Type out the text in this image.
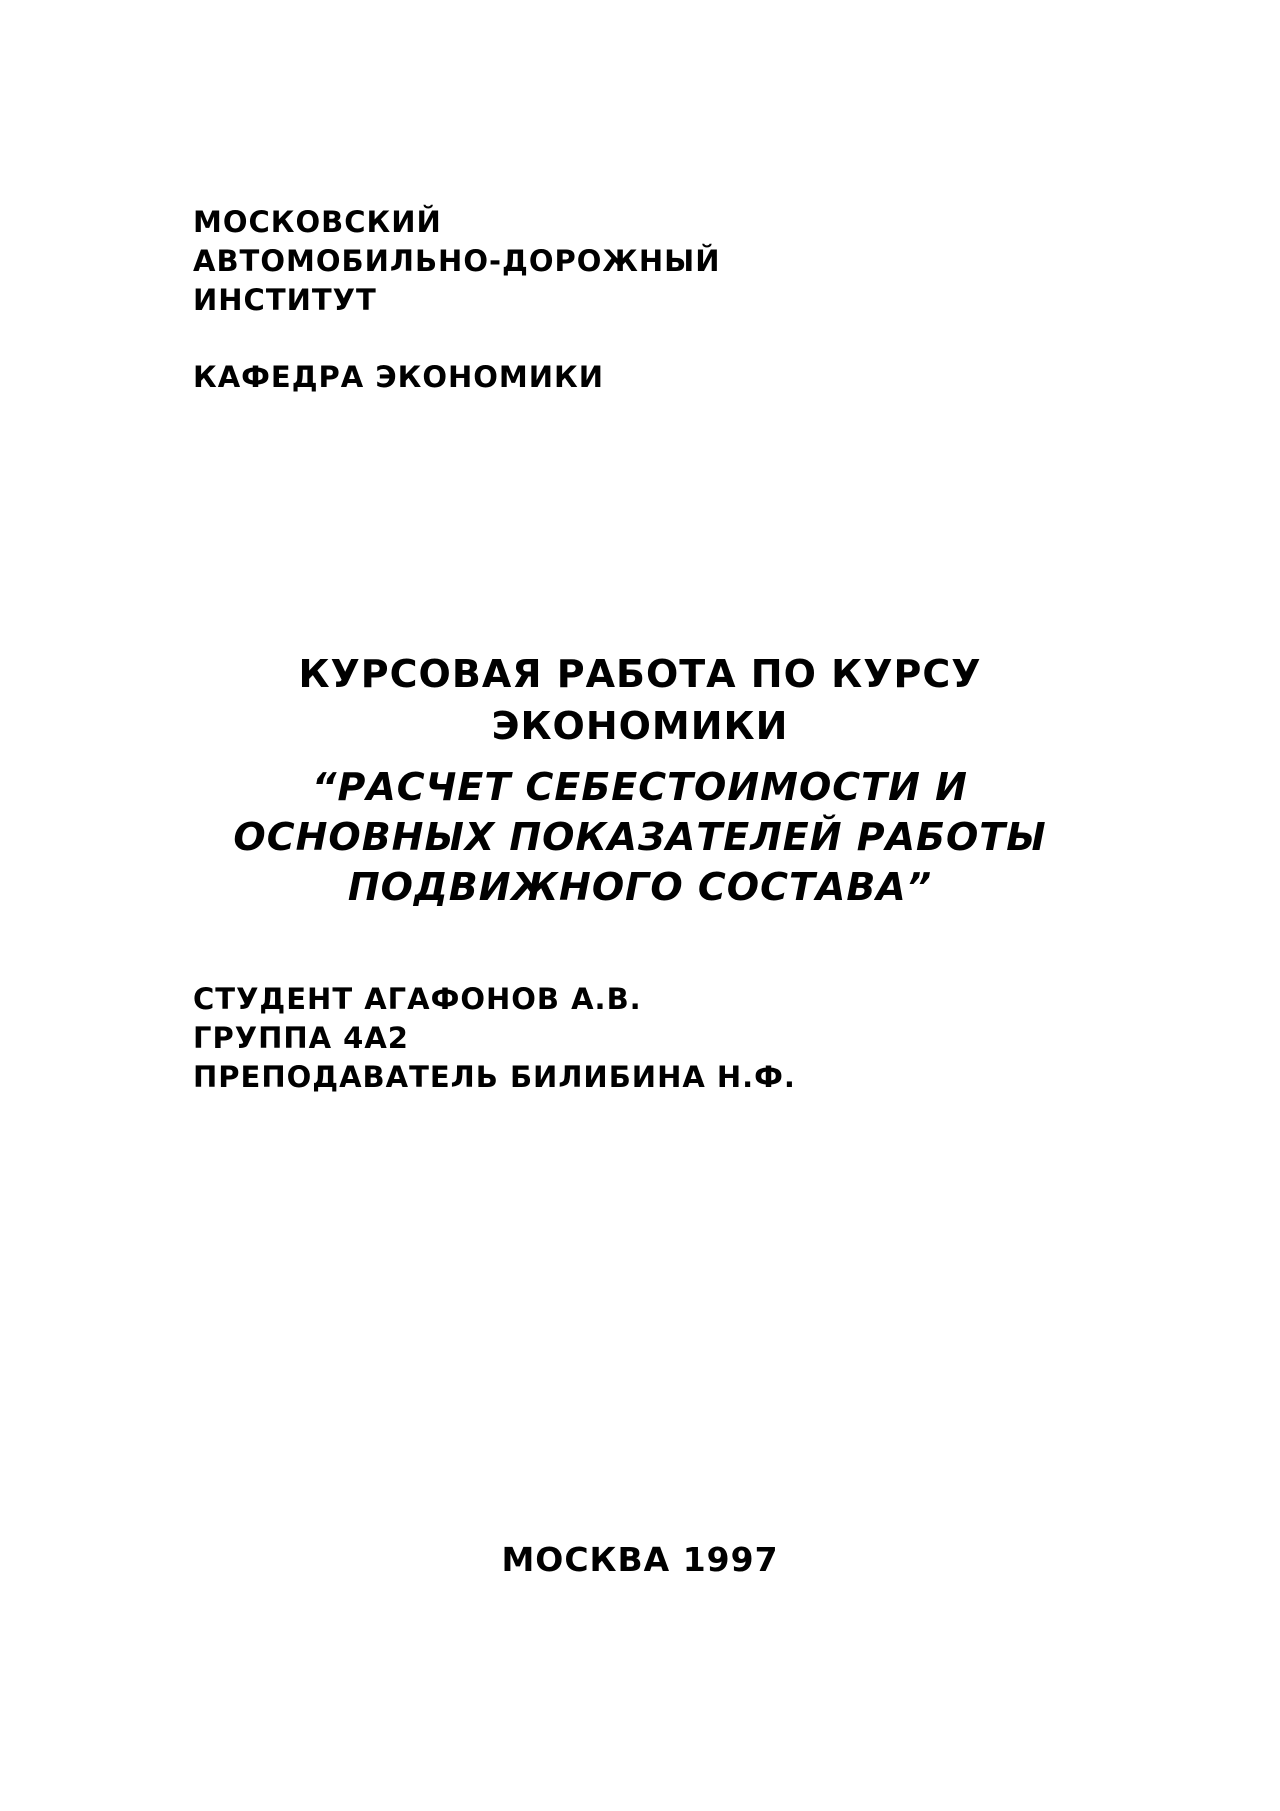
МОСКОВСКИЙ
АВТОМОБИЛЬНО-ДОРОЖНЫЙ
ИНСТИТУТ
КАФЕДРА ЭКОНОМИКИ
КУРСОВАЯ РАБОТА ПО КУРСУ
ЭКОНОМИКИ
“РАСЧЕТ СЕБЕСТОИМОСТИ И
ОСНОВНЫХ ПОКАЗАТЕЛЕЙ РАБОТЫ
ПОДВИЖНОГО СОСТАВА”
СТУДЕНТ АГАФОНОВ А.В.
ГРУППА 4А2
ПРЕПОДАВАТЕЛЬ БИЛИБИНА Н.Ф.
МОСКВА 1997
